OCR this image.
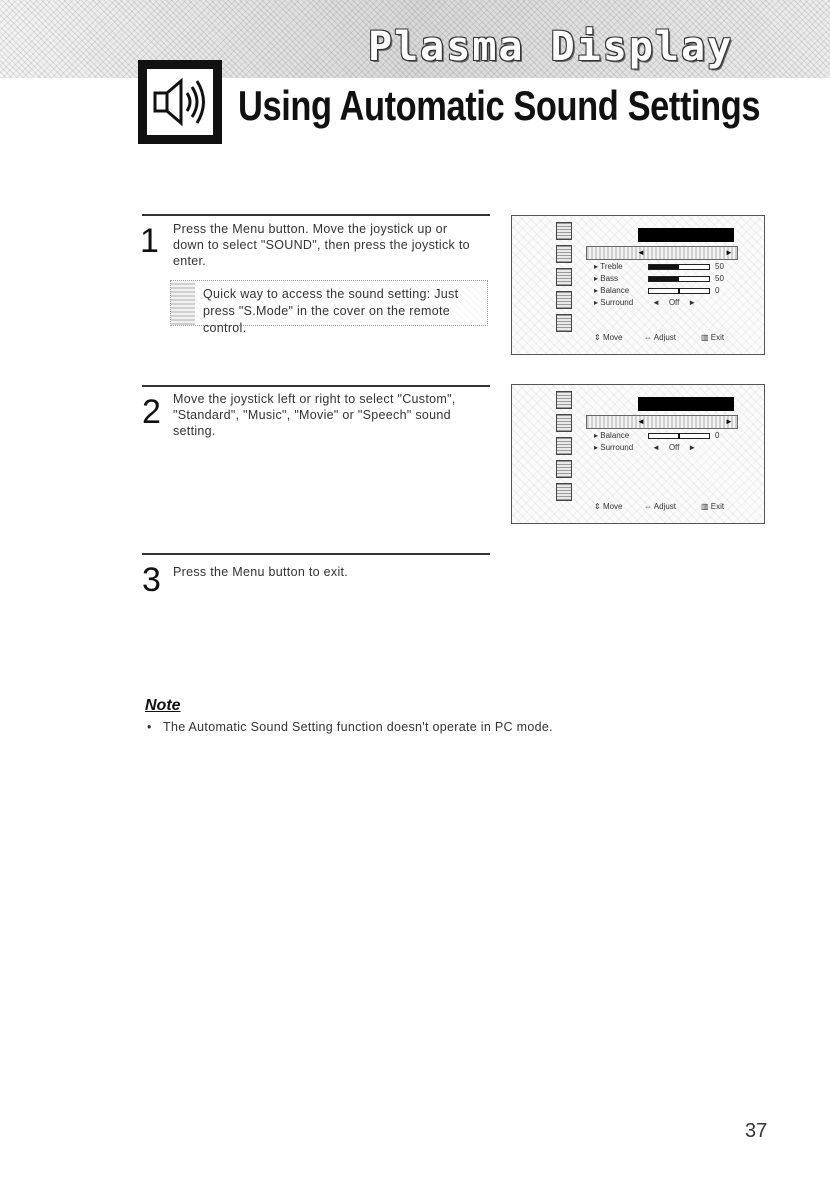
Plasma Display
Using Automatic Sound Settings
1 Press the Menu button. Move the joystick up or down to select "SOUND", then press the joystick to enter.
Quick way to access the sound setting: Just press "S.Mode" in the cover on the remote control.
◄	►
▸ Treble	50
▸ Bass	50
▸ Balance	0
▸ Surround	◄    Off    ►
⇕ Move	⇔ Adjust	▥ Exit
2 Move the joystick left or right to select "Custom", "Standard", "Music", "Movie" or "Speech" sound setting.
◄	►
▸ Balance	0
▸ Surround	◄    Off    ►
⇕ Move	⇔ Adjust	▥ Exit
3 Press the Menu button to exit.
Note
• The Automatic Sound Setting function doesn't operate in PC mode.
37
